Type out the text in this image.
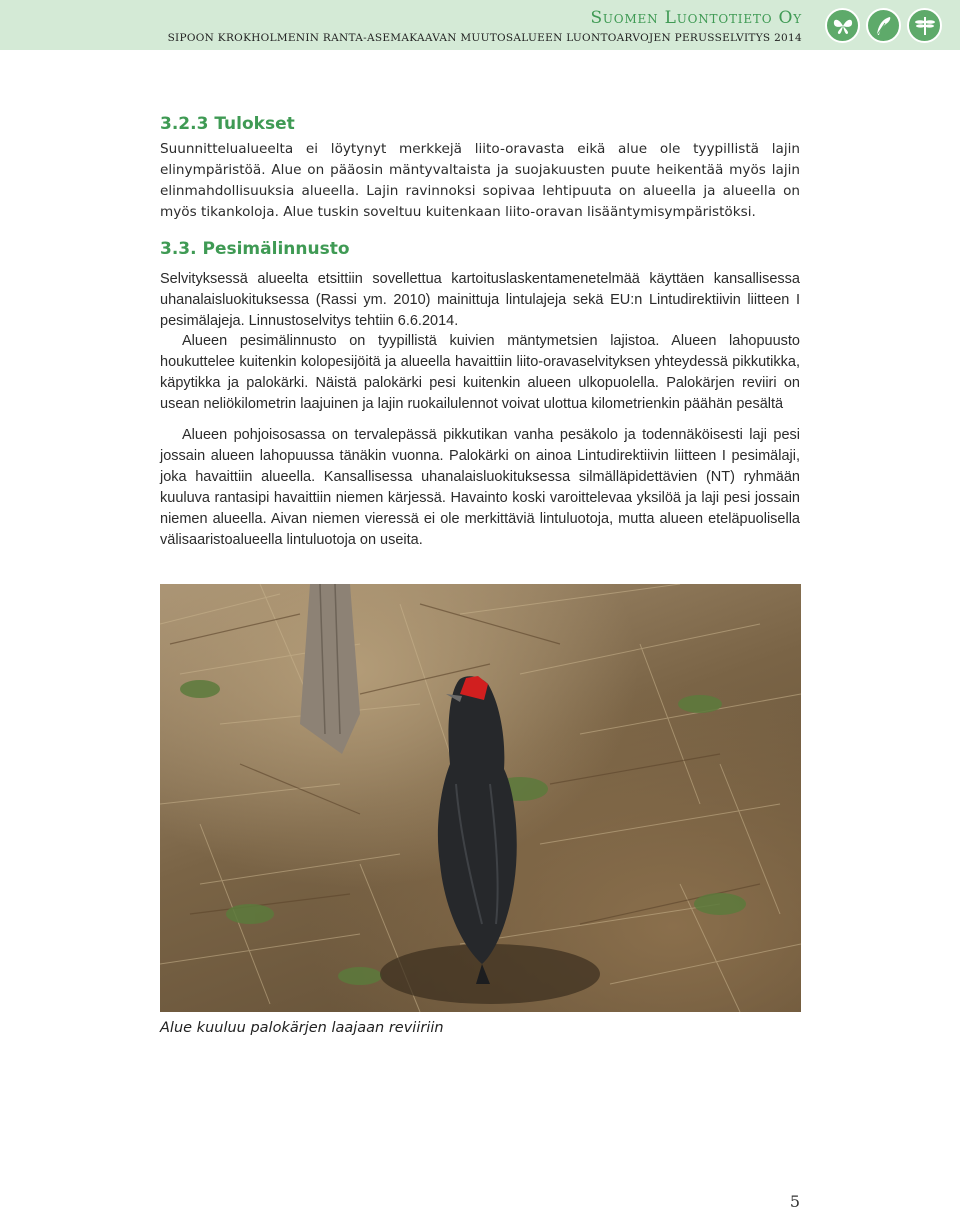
Suomen Luontotieto Oy
SIPOON KROKHOLMENIN RANTA-ASEMAKAAVAN MUUTOSALUEEN LUONTOARVOJEN PERUSSELVITYS 2014
3.2.3 Tulokset

Suunnittelualueelta ei löytynyt merkkejä liito-oravasta eikä alue ole tyypillistä lajin elinympäristöä. Alue on pääosin mäntyvaltaista ja suojakuusten puute heikentää myös lajin elinmahdollisuuksia alueella. Lajin ravinnoksi sopivaa lehtipuuta on alueella ja alueella on myös tikankoloja. Alue tuskin soveltuu kuitenkaan liito-oravan lisääntymisympäristöksi.

3.3. Pesimälinnusto

Selvityksessä alueelta etsittiin sovellettua kartoituslaskentamenetelmää käyttäen kansallisessa uhanalaisluokituksessa (Rassi ym. 2010) mainittuja lintulajeja sekä EU:n Lintudirektiivin liitteen I pesimälajeja. Linnustoselvitys tehtiin 6.6.2014.

Alueen pesimälinnusto on tyypillistä kuivien mäntymetsien lajistoa. Alueen lahopuusto houkuttelee kuitenkin kolopesijöitä ja alueella havaittiin liito-oravaselvityksen yhteydessä pikkutikka, käpytikka ja palokärki. Näistä palokärki pesi kuitenkin alueen ulkopuolella. Palokärjen reviiri on usean neliökilometrin laajuinen ja lajin ruokailulennot voivat ulottua kilometrienkin päähän pesältä

Alueen pohjoisosassa on tervalepässä pikkutikan vanha pesäkolo ja todennäköisesti laji pesi jossain alueen lahopuussa tänäkin vuonna. Palokärki on ainoa Lintudirektiivin liitteen I pesimälaji, joka havaittiin alueella. Kansallisessa uhanalaisluokituksessa silmälläpidettävien (NT) ryhmään kuuluva rantasipi havaittiin niemen kärjessä. Havainto koski varoittelevaa yksilöä ja laji pesi jossain niemen alueella. Aivan niemen vieressä ei ole merkittäviä lintuluotoja, mutta alueen eteläpuolisella välisaaristoalueella lintuluotoja on useita.

Alue kuuluu palokärjen laajaan reviiriin
5
